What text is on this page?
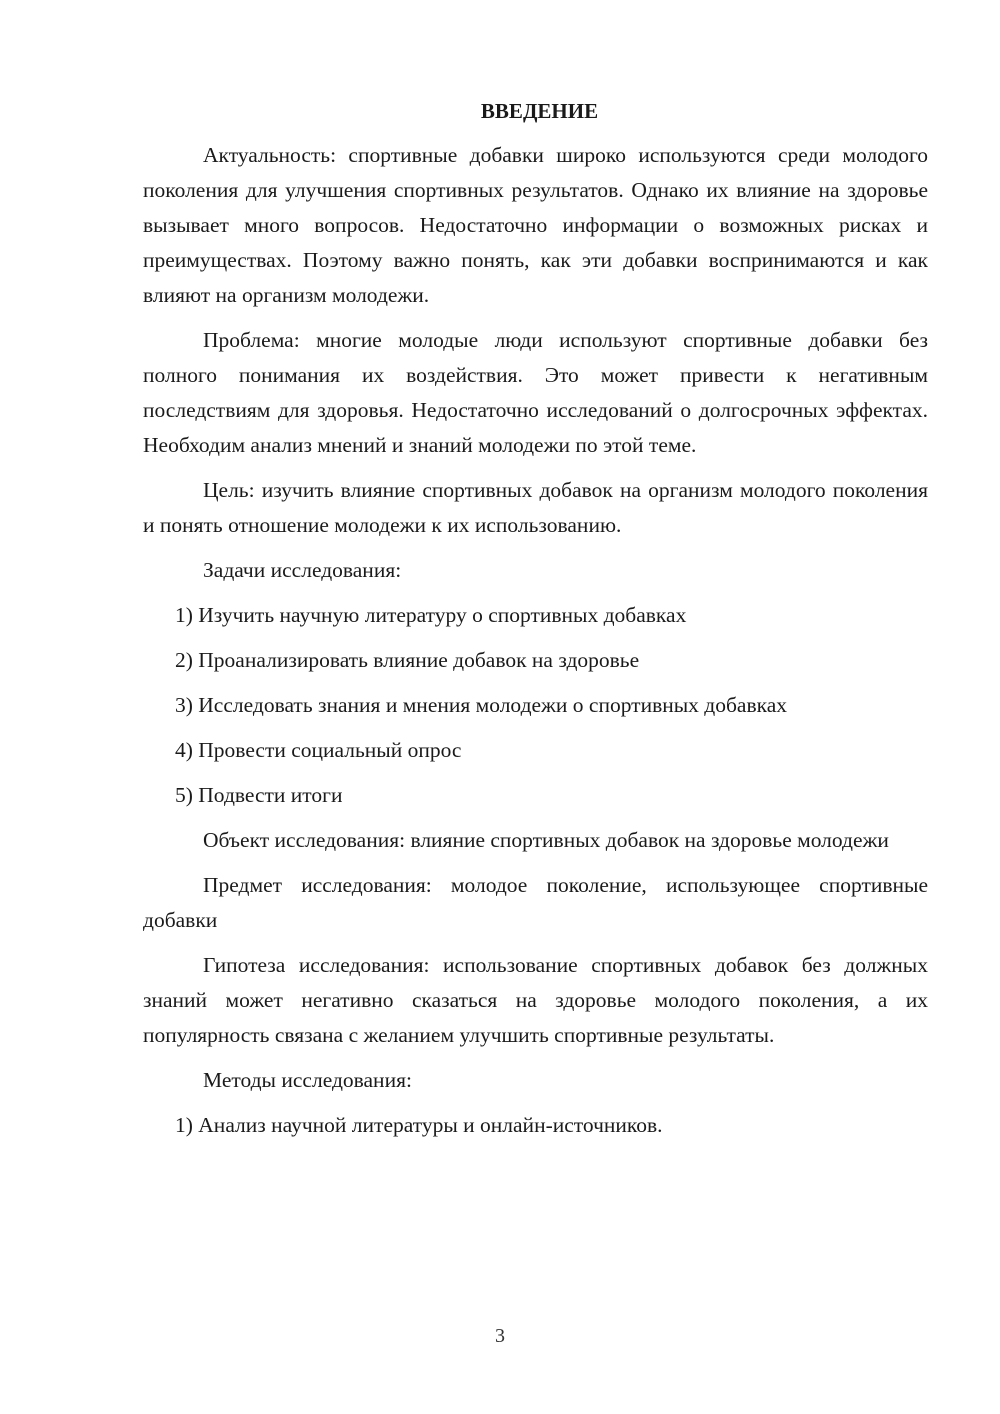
ВВЕДЕНИЕ

Актуальность: спортивные добавки широко используются среди молодого поколения для улучшения спортивных результатов. Однако их влияние на здоровье вызывает много вопросов. Недостаточно информации о возможных рисках и преимуществах. Поэтому важно понять, как эти добавки воспринимаются и как влияют на организм молодежи.

Проблема: многие молодые люди используют спортивные добавки без полного понимания их воздействия. Это может привести к негативным последствиям для здоровья. Недостаточно исследований о долгосрочных эффектах. Необходим анализ мнений и знаний молодежи по этой теме.

Цель: изучить влияние спортивных добавок на организм молодого поколения и понять отношение молодежи к их использованию.

Задачи исследования:

1) Изучить научную литературу о спортивных добавках
2) Проанализировать влияние добавок на здоровье
3) Исследовать знания и мнения молодежи о спортивных добавках
4) Провести социальный опрос
5) Подвести итоги

Объект исследования: влияние спортивных добавок на здоровье молодежи

Предмет исследования: молодое поколение, использующее спортивные добавки

Гипотеза исследования: использование спортивных добавок без должных знаний может негативно сказаться на здоровье молодого поколения, а их популярность связана с желанием улучшить спортивные результаты.

Методы исследования:

1) Анализ научной литературы и онлайн-источников.
3
